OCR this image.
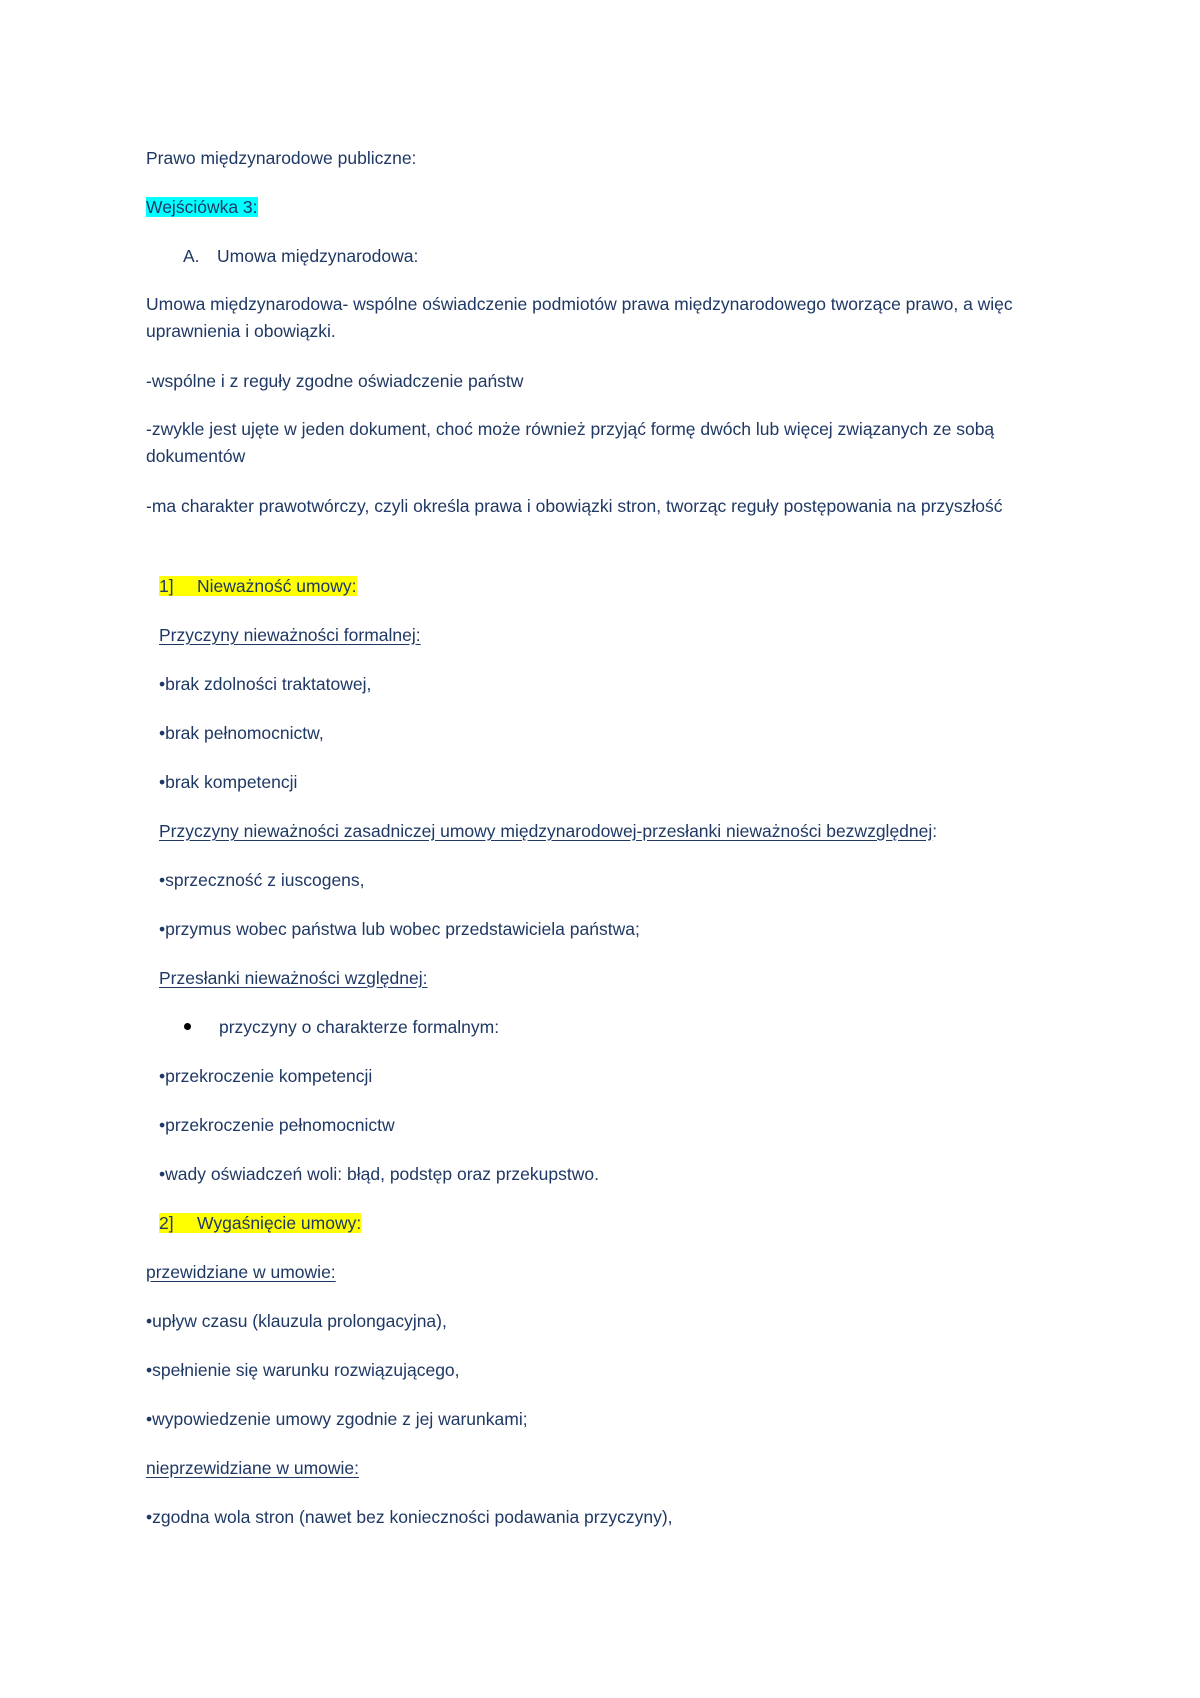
Prawo międzynarodowe publiczne:
Wejściówka 3:
A. Umowa międzynarodowa:
Umowa międzynarodowa- wspólne oświadczenie podmiotów prawa międzynarodowego tworzące prawo, a więc uprawnienia i obowiązki.
-wspólne i z reguły zgodne oświadczenie państw
-zwykle jest ujęte w jeden dokument, choć może również przyjąć formę dwóch lub więcej związanych ze sobą dokumentów
-ma charakter prawotwórczy, czyli określa prawa i obowiązki stron, tworząc reguły postępowania na przyszłość
1] Nieważność umowy:
Przyczyny nieważności formalnej:
•brak zdolności traktatowej,
•brak pełnomocnictw,
•brak kompetencji
Przyczyny nieważności zasadniczej umowy międzynarodowej-przesłanki nieważności bezwzględnej:
•sprzeczność z iuscogens,
•przymus wobec państwa lub wobec przedstawiciela państwa;
Przesłanki nieważności względnej:
przyczyny o charakterze formalnym:
•przekroczenie kompetencji
•przekroczenie pełnomocnictw
•wady oświadczeń woli: błąd, podstęp oraz przekupstwo.
2] Wygaśnięcie umowy:
przewidziane w umowie:
•upływ czasu (klauzula prolongacyjna),
•spełnienie się warunku rozwiązującego,
•wypowiedzenie umowy zgodnie z jej warunkami;
nieprzewidziane w umowie:
•zgodna wola stron (nawet bez konieczności podawania przyczyny),
